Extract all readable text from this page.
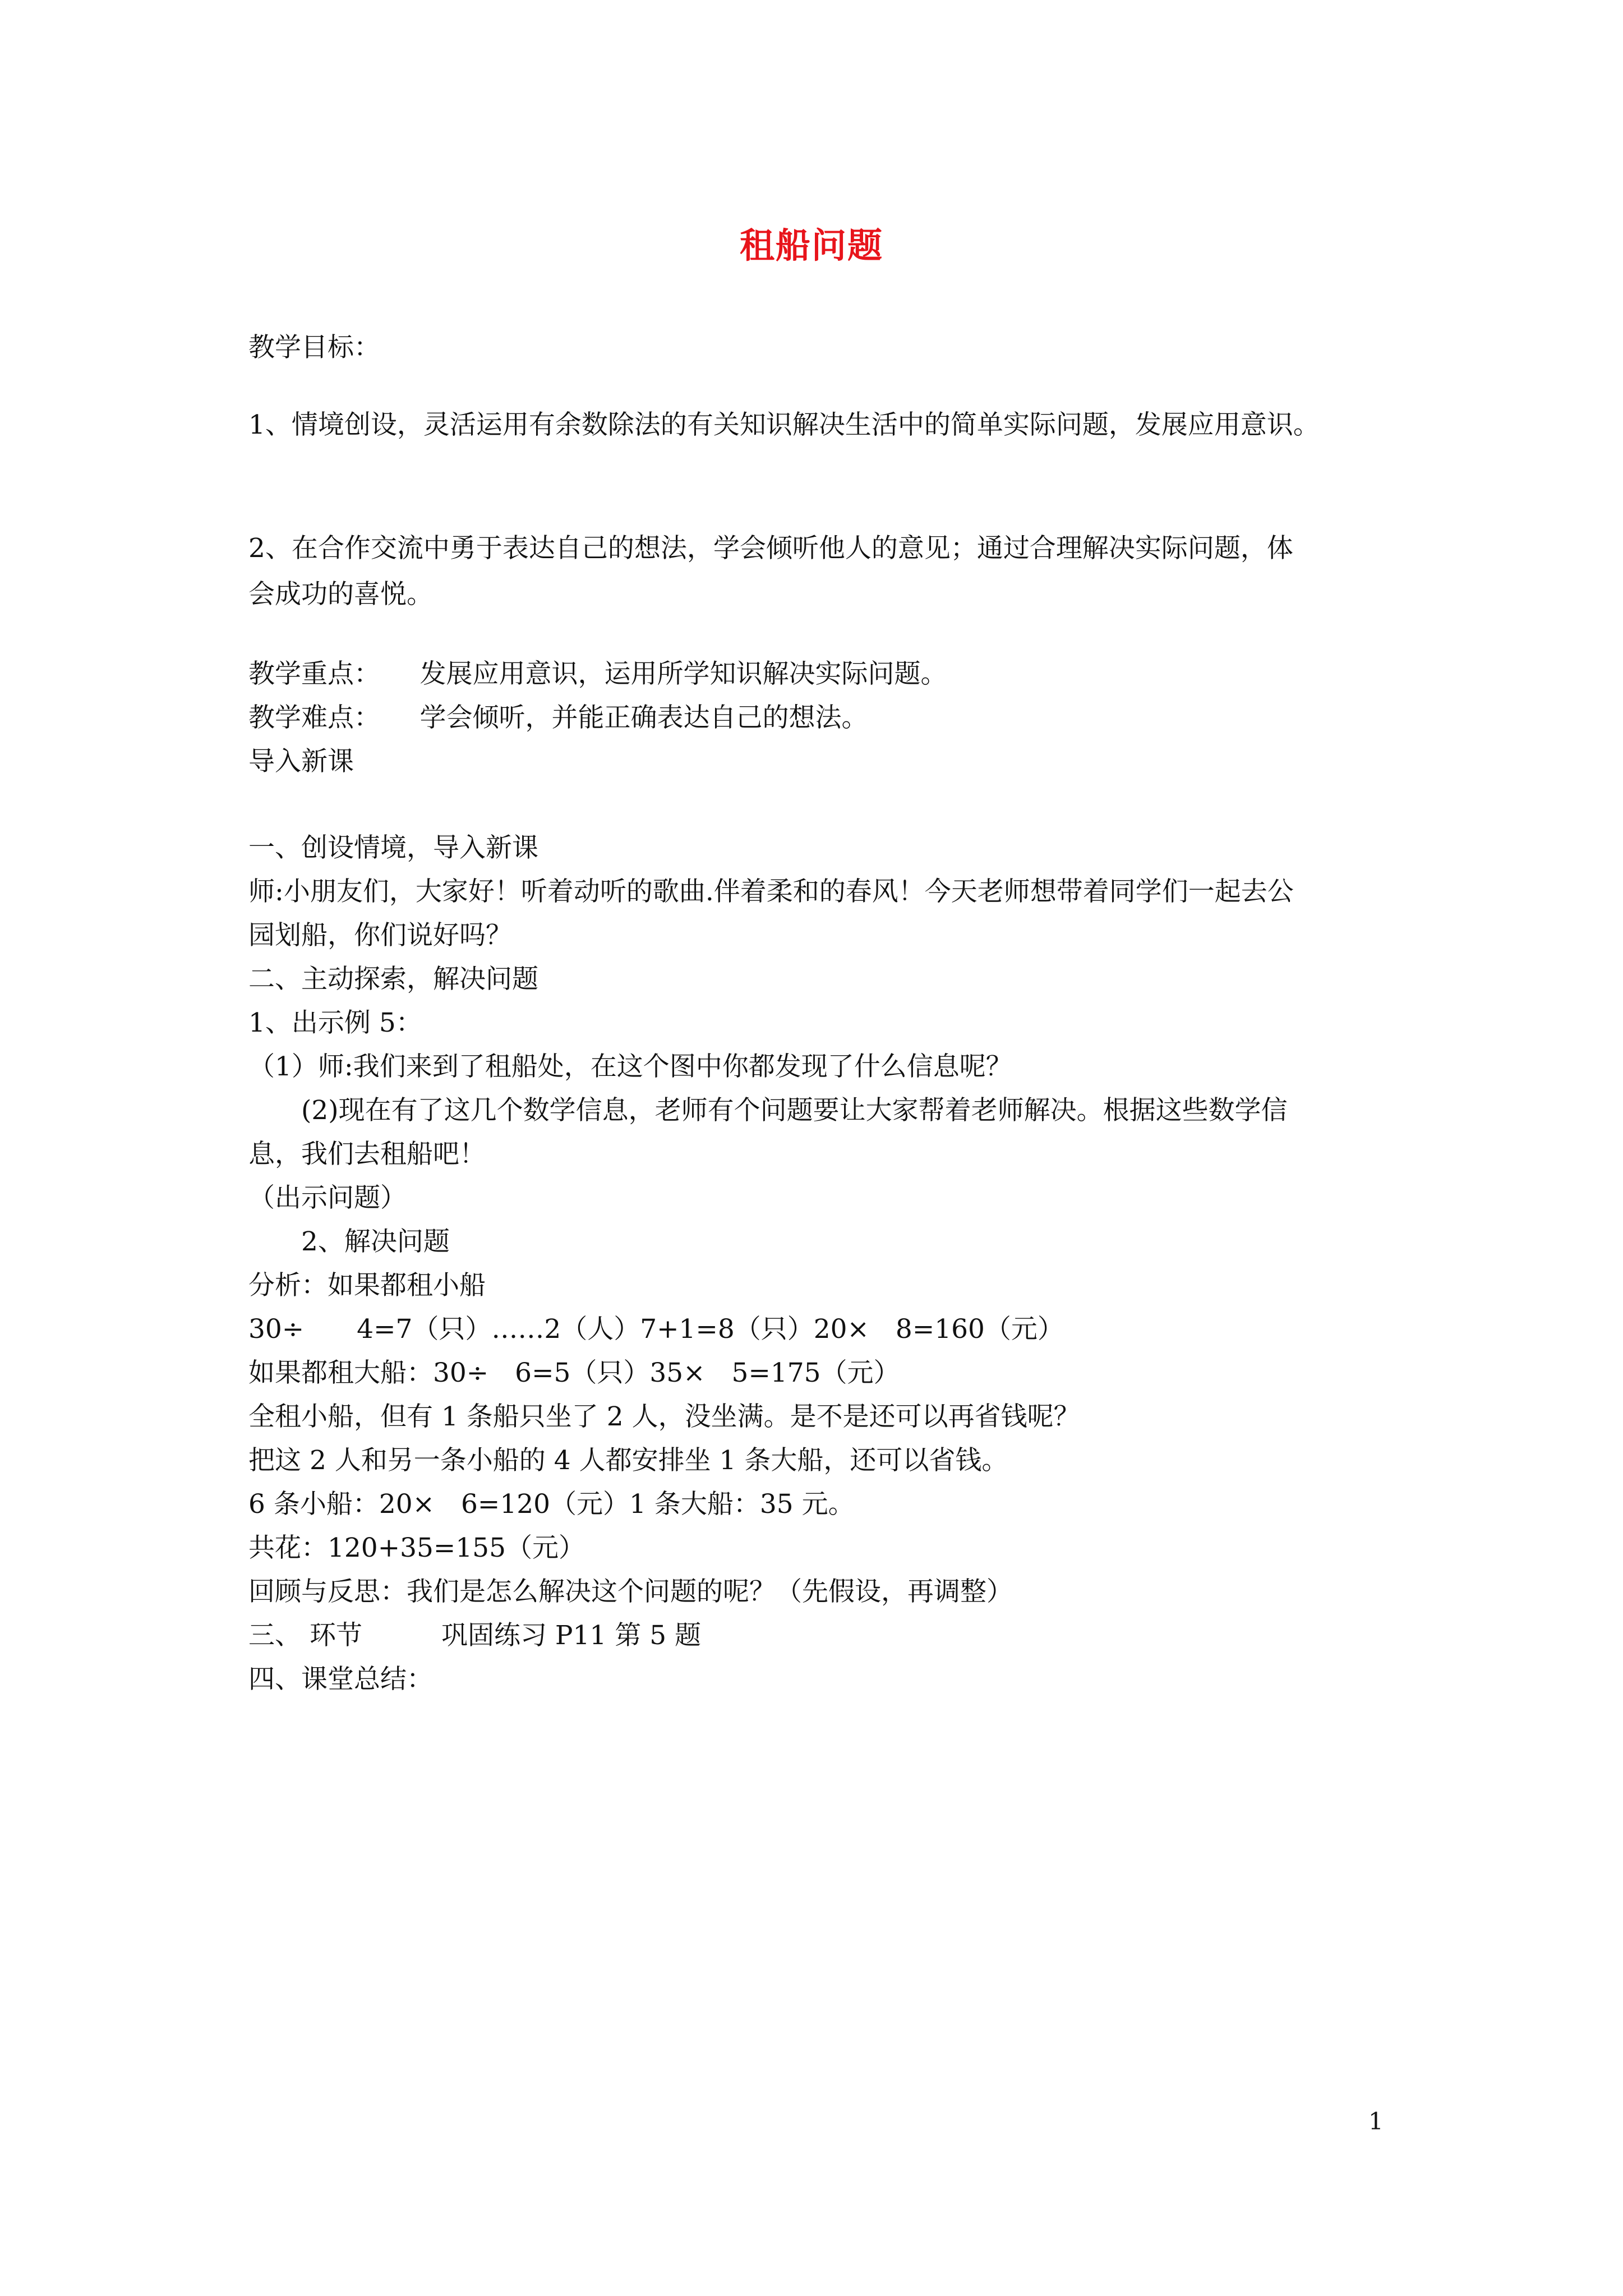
租船问题
教学目标：
1、情境创设，灵活运用有余数除法的有关知识解决生活中的简单实际问题，发展应用意识。
2、在合作交流中勇于表达自己的想法，学会倾听他人的意见；通过合理解决实际问题，体
会成功的喜悦。
教学重点：　　发展应用意识，运用所学知识解决实际问题。
教学难点：　　学会倾听，并能正确表达自己的想法。
导入新课
一、创设情境，导入新课
师:小朋友们，大家好！听着动听的歌曲.伴着柔和的春风！今天老师想带着同学们一起去公
园划船，你们说好吗？
二、主动探索，解决问题
1、出示例 5：
（1）师:我们来到了租船处，在这个图中你都发现了什么信息呢？
　　(2)现在有了这几个数学信息，老师有个问题要让大家帮着老师解决。根据这些数学信
息，我们去租船吧！
（出示问题）
　　2、解决问题
分析：如果都租小船
30÷　　4=7（只）……2（人）7+1=8（只）20×　8=160（元）
如果都租大船：30÷　6=5（只）35×　5=175（元）
全租小船，但有 1 条船只坐了 2 人，没坐满。是不是还可以再省钱呢？
把这 2 人和另一条小船的 4 人都安排坐 1 条大船，还可以省钱。
6 条小船：20×　6=120（元）1 条大船：35 元。
共花：120+35=155（元）
回顾与反思：我们是怎么解决这个问题的呢？（先假设，再调整）
三、 环节　　　巩固练习 P11 第 5 题
四、课堂总结：
1
